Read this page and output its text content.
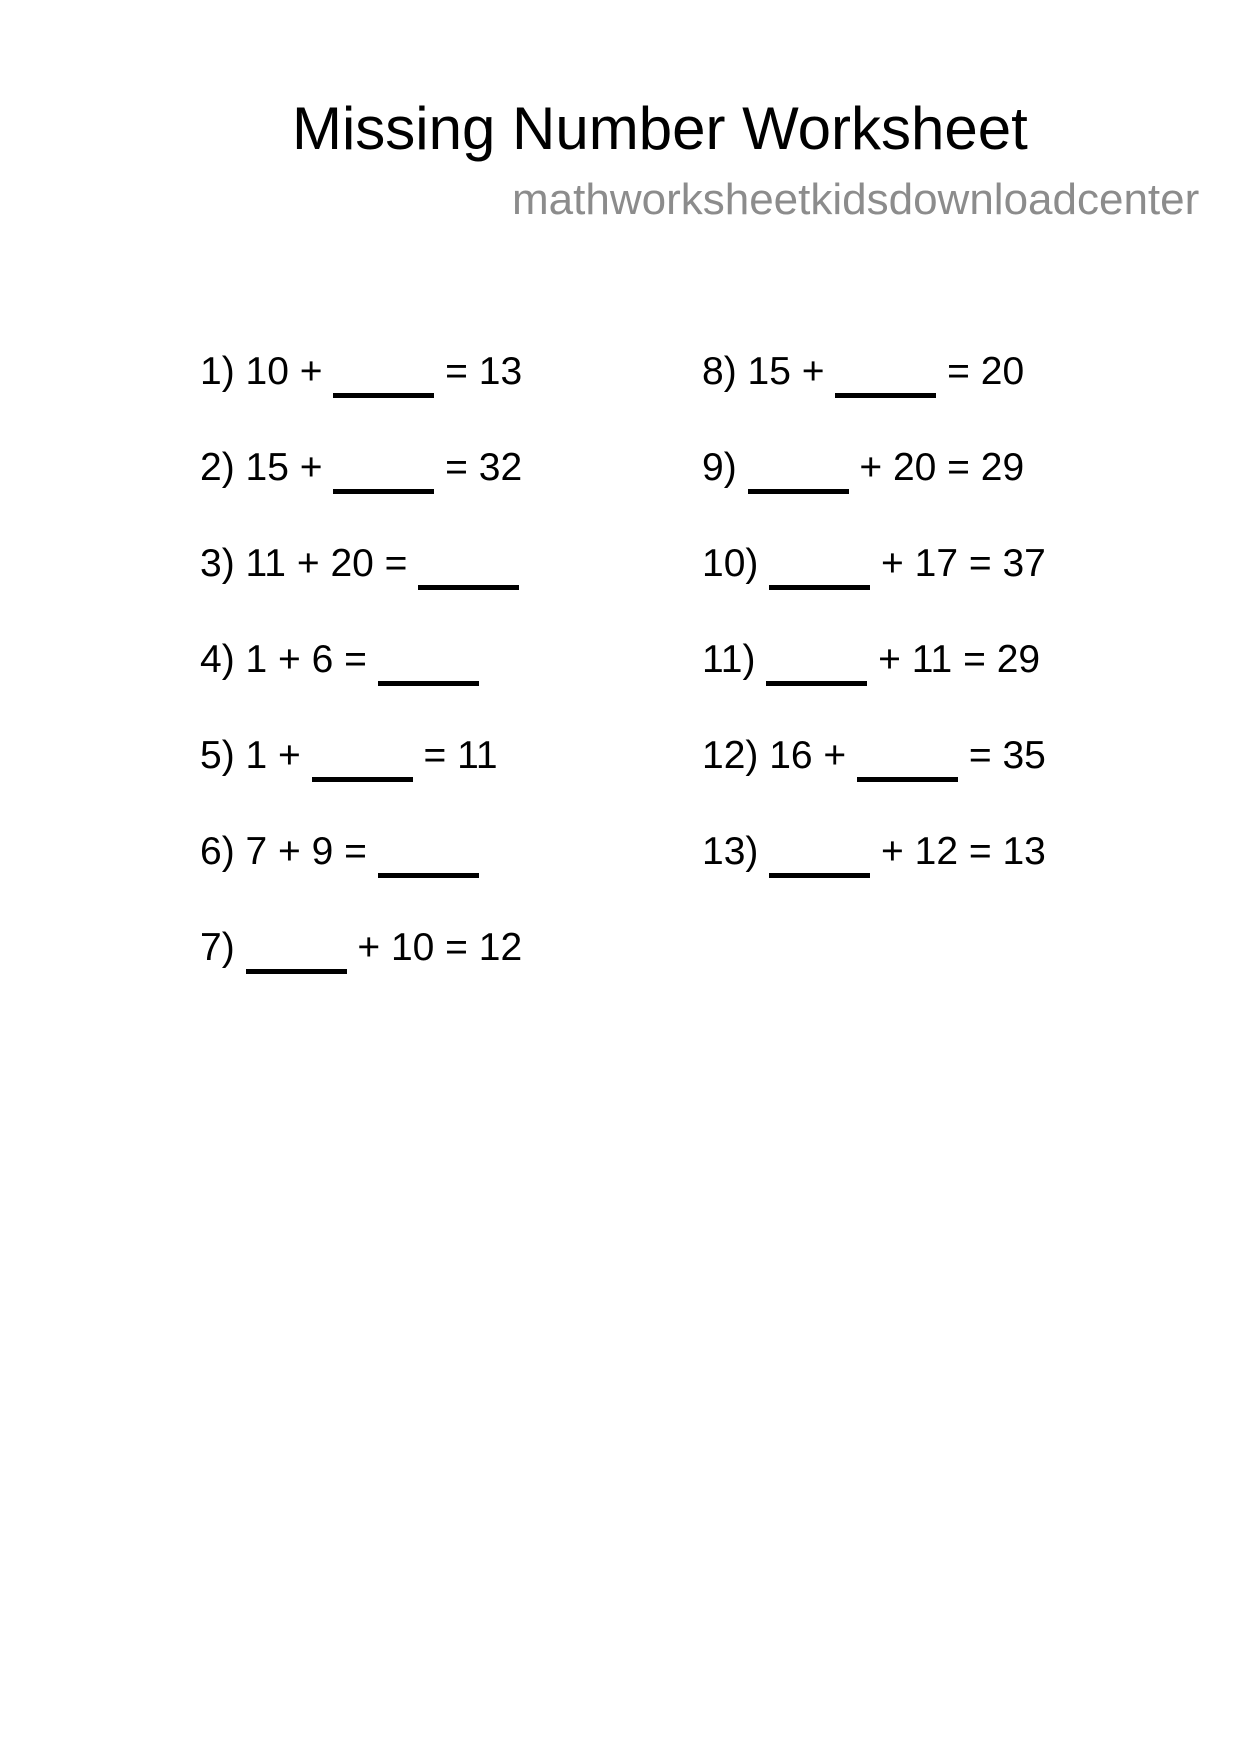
Missing Number Worksheet
mathworksheetkidsdownloadcenter
1) 10 +	= 13
2) 15 +	= 32
3) 11 + 20 =
4) 1 + 6 =
5) 1 +	= 11
6) 7 + 9 =
7)	+ 10 = 12
8) 15 +	= 20
9)	+ 20 = 29
10)	+ 17 = 37
11)	+ 11 = 29
12) 16 +	= 35
13)	+ 12 = 13
